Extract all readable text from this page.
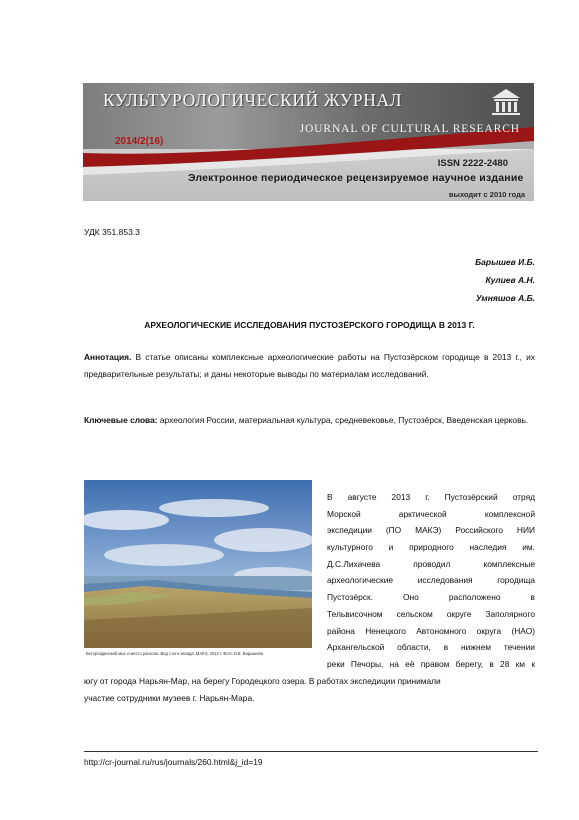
КУЛЬТУРОЛОГИЧЕСКИЙ ЖУРНАЛ
JOURNAL OF CULTURAL RESEARCH
2014/2(16)
ISSN 2222-2480
Электронное периодическое рецензируемое научное издание
выходит с 2010 года
УДК 351.853.3
Барышев И.Б.
Кулиев А.Н.
Умняшов А.Б.
АРХЕОЛОГИЧЕСКИЕ ИССЛЕДОВАНИЯ ПУСТОЗЁРСКОГО ГОРОДИЩА В 2013 Г.
Аннотация. В статье описаны комплексные археологические работы на Пустозёрском городище в 2013 г., их предварительные результаты; и даны некоторые выводы по материалам исследований.
Ключевые слова: археология России, материальная культура, средневековье, Пустозёрск, Введенская церковь.
Бетороидинский мыс и место раскопа. Вид с юго-запада. МАКЭ, 2013 г. Фото И.Б. Барышева
В августе 2013 г. Пустозёрский отряд
Морской арктической комплексной
экспедиции (ПО МАКЭ) Российского НИИ
культурного и природного наследия им.
Д.С.Лихачева проводил комплексные
археологические исследования городища
Пустозёрск. Оно расположено в
Тельвисочном сельском округе Заполярного
района Ненецкого Автономного округа (НАО)
Архангельской области, в нижнем течении
реки Печоры, на её правом берегу, в 28 км к
югу от города Нарьян-Мар, на берегу Городецкого озера. В работах экспедиции принимали
участие сотрудники музеев г. Нарьян-Мара.
http://cr-journal.ru/rus/journals/260.html&j_id=19
